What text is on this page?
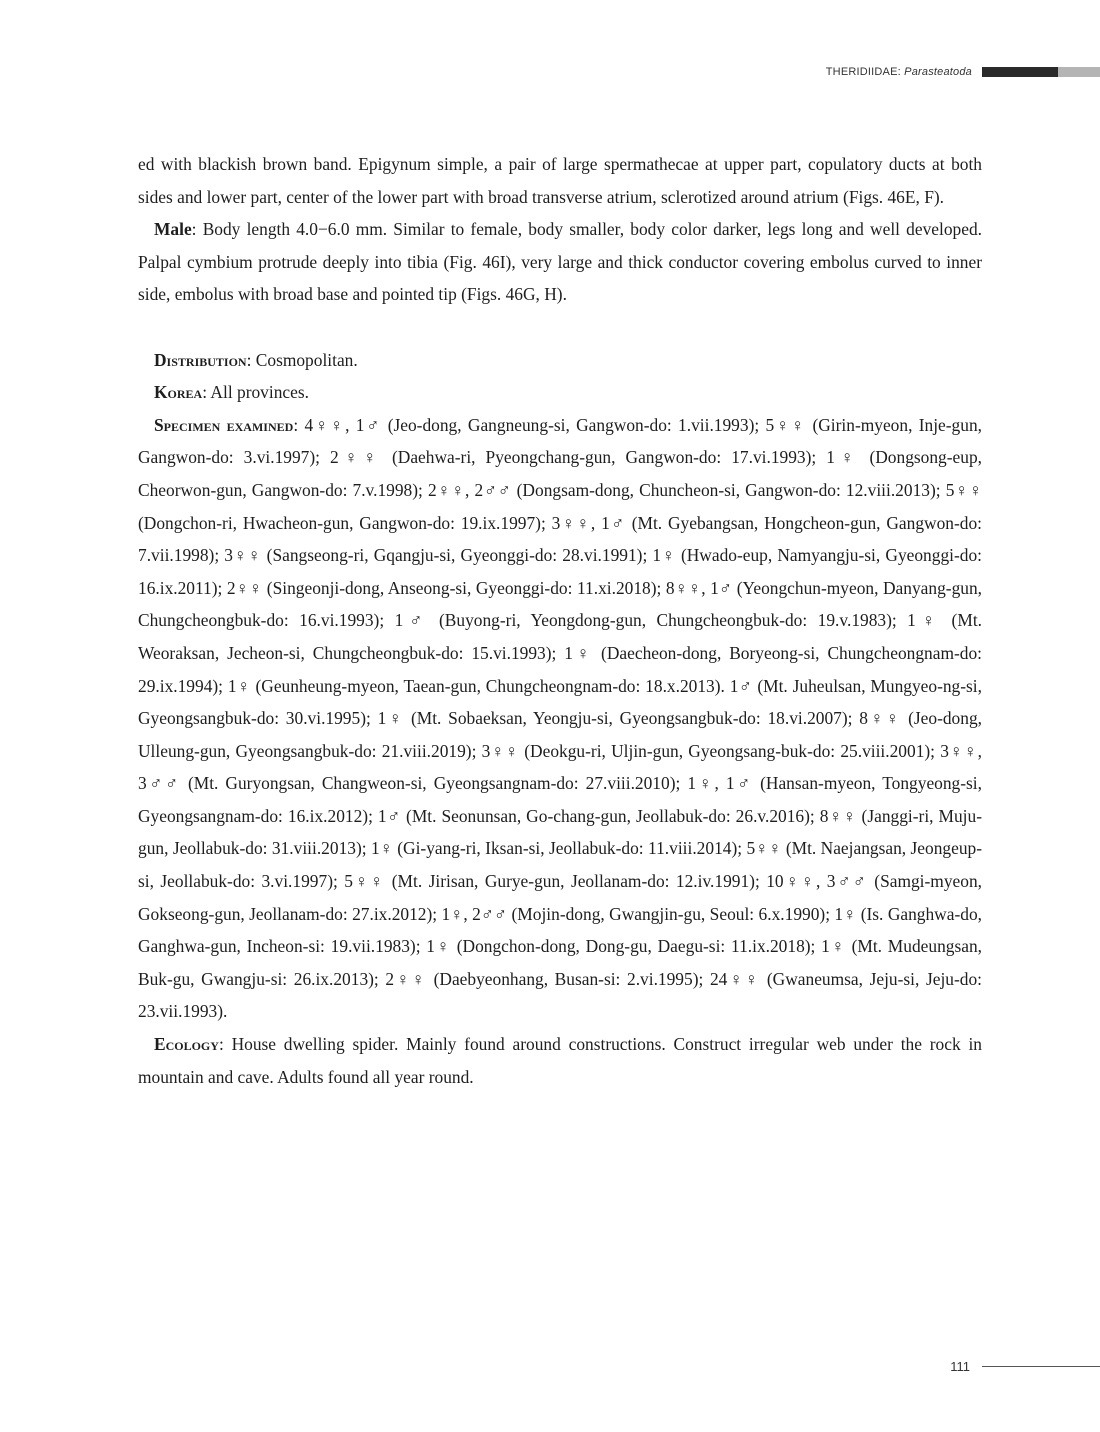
THERIDIIDAE: Parasteatoda

ed with blackish brown band. Epigynum simple, a pair of large spermathecae at upper part, copulatory ducts at both sides and lower part, center of the lower part with broad transverse atrium, sclerotized around atrium (Figs. 46E, F).

Male: Body length 4.0−6.0 mm. Similar to female, body smaller, body color darker, legs long and well developed. Palpal cymbium protrude deeply into tibia (Fig. 46I), very large and thick conductor covering embolus curved to inner side, embolus with broad base and pointed tip (Figs. 46G, H).

Distribution: Cosmopolitan.

Korea: All provinces.

Specimen examined: 4♀♀, 1♂ (Jeo-dong, Gangneung-si, Gangwon-do: 1.vii.1993); 5♀♀ (Girin-myeon, Inje-gun, Gangwon-do: 3.vi.1997); 2♀♀ (Daehwa-ri, Pyeongchang-gun, Gangwon-do: 17.vi.1993); 1♀ (Dongsong-eup, Cheorwon-gun, Gangwon-do: 7.v.1998); 2♀♀, 2♂♂ (Dongsam-dong, Chuncheon-si, Gangwon-do: 12.viii.2013); 5♀♀ (Dongchon-ri, Hwacheon-gun, Gangwon-do: 19.ix.1997); 3♀♀, 1♂ (Mt. Gyebangsan, Hongcheon-gun, Gangwon-do: 7.vii.1998); 3♀♀ (Sangseong-ri, Gqangju-si, Gyeonggi-do: 28.vi.1991); 1♀ (Hwado-eup, Namyangju-si, Gyeonggi-do: 16.ix.2011); 2♀♀ (Singeonji-dong, Anseong-si, Gyeonggi-do: 11.xi.2018); 8♀♀, 1♂ (Yeongchun-myeon, Danyang-gun, Chungcheongbuk-do: 16.vi.1993); 1♂ (Buyong-ri, Yeongdong-gun, Chungcheongbuk-do: 19.v.1983); 1♀ (Mt. Weoraksan, Jecheon-si, Chungcheongbuk-do: 15.vi.1993); 1♀ (Daecheon-dong, Boryeong-si, Chungcheongnam-do: 29.ix.1994); 1♀ (Geunheung-myeon, Taean-gun, Chungcheongnam-do: 18.x.2013). 1♂ (Mt. Juheulsan, Mungyeo-ng-si, Gyeongsangbuk-do: 30.vi.1995); 1♀ (Mt. Sobaeksan, Yeongju-si, Gyeongsangbuk-do: 18.vi.2007); 8♀♀ (Jeo-dong, Ulleung-gun, Gyeongsangbuk-do: 21.viii.2019); 3♀♀ (Deokgu-ri, Uljin-gun, Gyeongsang-buk-do: 25.viii.2001); 3♀♀, 3♂♂ (Mt. Guryongsan, Changweon-si, Gyeongsangnam-do: 27.viii.2010); 1♀, 1♂ (Hansan-myeon, Tongyeong-si, Gyeongsangnam-do: 16.ix.2012); 1♂ (Mt. Seonunsan, Go-chang-gun, Jeollabuk-do: 26.v.2016); 8♀♀ (Janggi-ri, Muju-gun, Jeollabuk-do: 31.viii.2013); 1♀ (Gi-yang-ri, Iksan-si, Jeollabuk-do: 11.viii.2014); 5♀♀ (Mt. Naejangsan, Jeongeup-si, Jeollabuk-do: 3.vi.1997); 5♀♀ (Mt. Jirisan, Gurye-gun, Jeollanam-do: 12.iv.1991); 10♀♀, 3♂♂ (Samgi-myeon, Gokseong-gun, Jeollanam-do: 27.ix.2012); 1♀, 2♂♂ (Mojin-dong, Gwangjin-gu, Seoul: 6.x.1990); 1♀ (Is. Ganghwa-do, Ganghwa-gun, Incheon-si: 19.vii.1983); 1♀ (Dongchon-dong, Dong-gu, Daegu-si: 11.ix.2018); 1♀ (Mt. Mudeungsan, Buk-gu, Gwangju-si: 26.ix.2013); 2♀♀ (Daebyeonhang, Busan-si: 2.vi.1995); 24♀♀ (Gwaneumsa, Jeju-si, Jeju-do: 23.vii.1993).

Ecology: House dwelling spider. Mainly found around constructions. Construct irregular web under the rock in mountain and cave. Adults found all year round.

111
